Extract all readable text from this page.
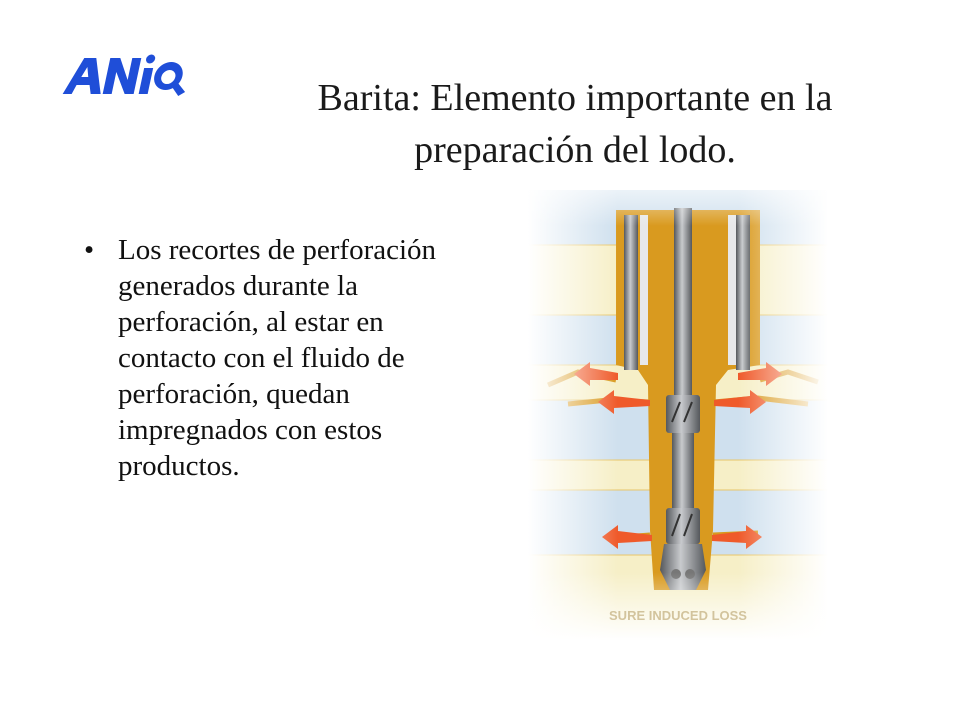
Barita: Elemento importante en la
preparación del lodo.
• Los recortes de perforación generados durante la perforación, al estar en contacto con el fluido de perforación, quedan impregnados con estos productos.
SURE INDUCED LOSS
